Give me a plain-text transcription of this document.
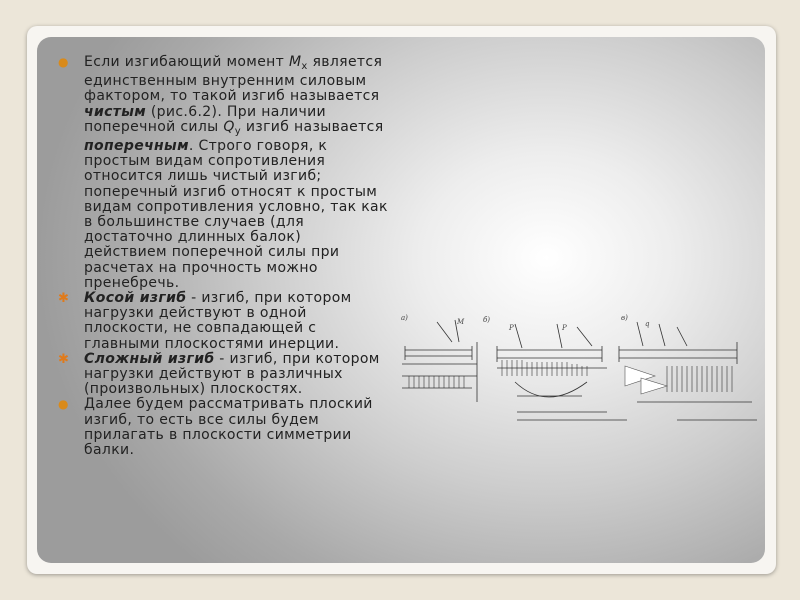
● Если изгибающий момент $M_x$ является единственным внутренним силовым фактором, то такой изгиб называется чистым (рис.6.2). При наличии поперечной силы $Q_y$ изгиб называется поперечным. Строго говоря, к простым видам сопротивления относится лишь чистый изгиб; поперечный изгиб относят к простым видам сопротивления условно, так как в большинстве случаев (для достаточно длинных балок) действием поперечной силы при расчетах на прочность можно пренебречь.

✱ Косой изгиб - изгиб, при котором нагрузки действуют в одной плоскости, не совпадающей с главными плоскостями инерции.

✱ Сложный изгиб - изгиб, при котором нагрузки действуют в различных (произвольных) плоскостях.

● Далее будем рассматривать плоский изгиб, то есть все силы будем прилагать в плоскости симметрии балки.

а)	б)	в)
M
P	P	q
